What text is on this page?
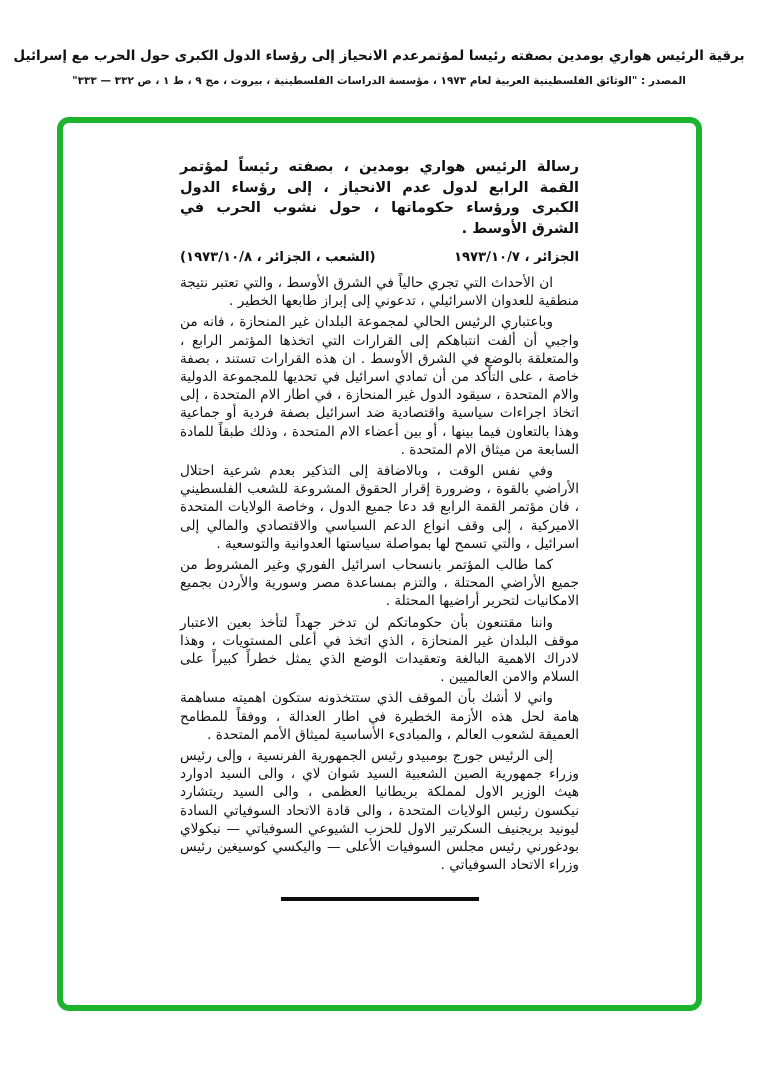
برقية الرئيس هواري بومدين بصفته رئيسا لمؤتمرعدم الانحياز إلى رؤساء الدول الكبرى حول الحرب مع إسرائيل
المصدر : "الوثائق الفلسطينية العربية لعام ١٩٧٣ ، مؤسسة الدراسات الفلسطينية ، بيروت ، مج ٩ ، ط ١ ، ص ٣٣٢ — ٣٣٣"

رسالة الرئيس هواري بومدين ، بصفته رئيساً لمؤتمر القمة الرابع لدول عدم الانحياز ، إلى رؤساء الدول الكبرى ورؤساء حكوماتها ، حول نشوب الحرب في الشرق الأوسط .

الجزائر ، ١٩٧٣/١٠/٧
(الشعب ، الجزائر ، ١٩٧٣/١٠/٨)

ان الأحداث التي تجري حالياً في الشرق الأوسط ، والتي تعتبر نتيجة منطقية للعدوان الاسرائيلي ، تدعوني إلى إبراز طابعها الخطير .

وباعتباري الرئيس الحالي لمجموعة البلدان غير المنحازة ، فانه من واجبي أن ألفت انتباهكم إلى القرارات التي اتخذها المؤتمر الرابع ، والمتعلقة بالوضع في الشرق الأوسط . ان هذه القرارات تستند ، بصفة خاصة ، على التأكد من أن تمادي اسرائيل في تحديها للمجموعة الدولية والام المتحدة ، سيقود الدول غير المنحازة ، في اطار الام المتحدة ، إلى اتخاذ اجراءات سياسية واقتصادية ضد اسرائيل بصفة فردية أو جماعية وهذا بالتعاون فيما بينها ، أو بين أعضاء الام المتحدة ، وذلك طبقاً للمادة السابعة من ميثاق الام المتحدة .

وفي نفس الوقت ، وبالاضافة إلى التذكير بعدم شرعية احتلال الأراضي بالقوة ، وضرورة إقرار الحقوق المشروعة للشعب الفلسطيني ، فان مؤتمر القمة الرابع قد دعا جميع الدول ، وخاصة الولايات المتحدة الاميركية ، إلى وقف انواع الدعم السياسي والاقتصادي والمالي إلى اسرائيل ، والتي تسمح لها بمواصلة سياستها العدوانية والتوسعية .

كما طالب المؤتمر بانسحاب اسرائيل الفوري وغير المشروط من جميع الأراضي المحتلة ، والتزم بمساعدة مصر وسورية والأردن بجميع الامكانيات لتحرير أراضيها المحتلة .

واننا مقتنعون بأن حكوماتكم لن تدخر جهداً لتأخذ بعين الاعتبار موقف البلدان غير المنحازة ، الذي اتخذ في أعلى المستويات ، وهذا لادراك الاهمية البالغة وتعقيدات الوضع الذي يمثل خطراً كبيراً على السلام والامن العالميين .

واني لا أشك بأن الموقف الذي ستتخذونه ستكون اهميته مساهمة هامة لحل هذه الأزمة الخطيرة في اطار العدالة ، ووفقاً للمطامح العميقة لشعوب العالم ، والمبادىء الأساسية لميثاق الأمم المتحدة .

إلى الرئيس جورج بومبيدو رئيس الجمهورية الفرنسية ، وإلى رئيس وزراء جمهورية الصين الشعبية السيد شوان لاي ، والى السيد ادوارد هيث الوزير الاول لمملكة بريطانيا العظمى ، والى السيد ريتشارد نيكسون رئيس الولايات المتحدة ، والى قادة الاتحاد السوفياتي السادة ليونيد بريجنيف السكرتير الاول للحزب الشيوعي السوفياتي — نيكولاي بودغورني رئيس مجلس السوفيات الأعلى — واليكسي كوسيغين رئيس وزراء الاتحاد السوفياتي .
